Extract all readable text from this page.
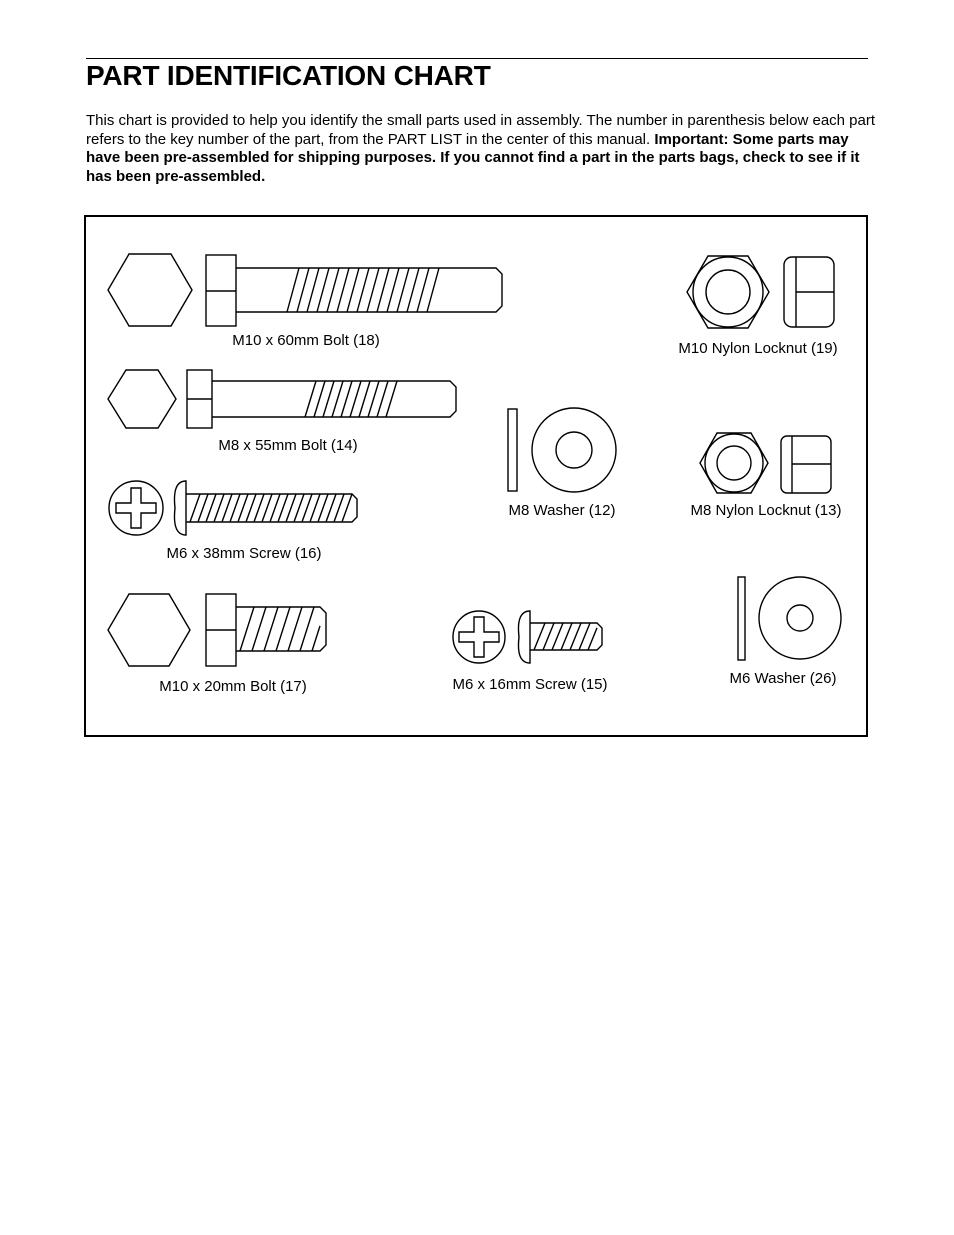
PART IDENTIFICATION CHART

This chart is provided to help you identify the small parts used in assembly. The number in parenthesis below each part refers to the key number of the part, from the PART LIST in the center of this manual. Important: Some parts may have been pre-assembled for shipping purposes. If you cannot find a part in the parts bags, check to see if it has been pre-assembled.

M10 x 60mm Bolt (18)	M10 Nylon Locknut (19)
M8 x 55mm Bolt (14)
M8 Washer (12)	M8 Nylon Locknut (13)
M6 x 38mm Screw (16)
M10 x 20mm Bolt (17)	M6 x 16mm Screw (15)	M6 Washer (26)
